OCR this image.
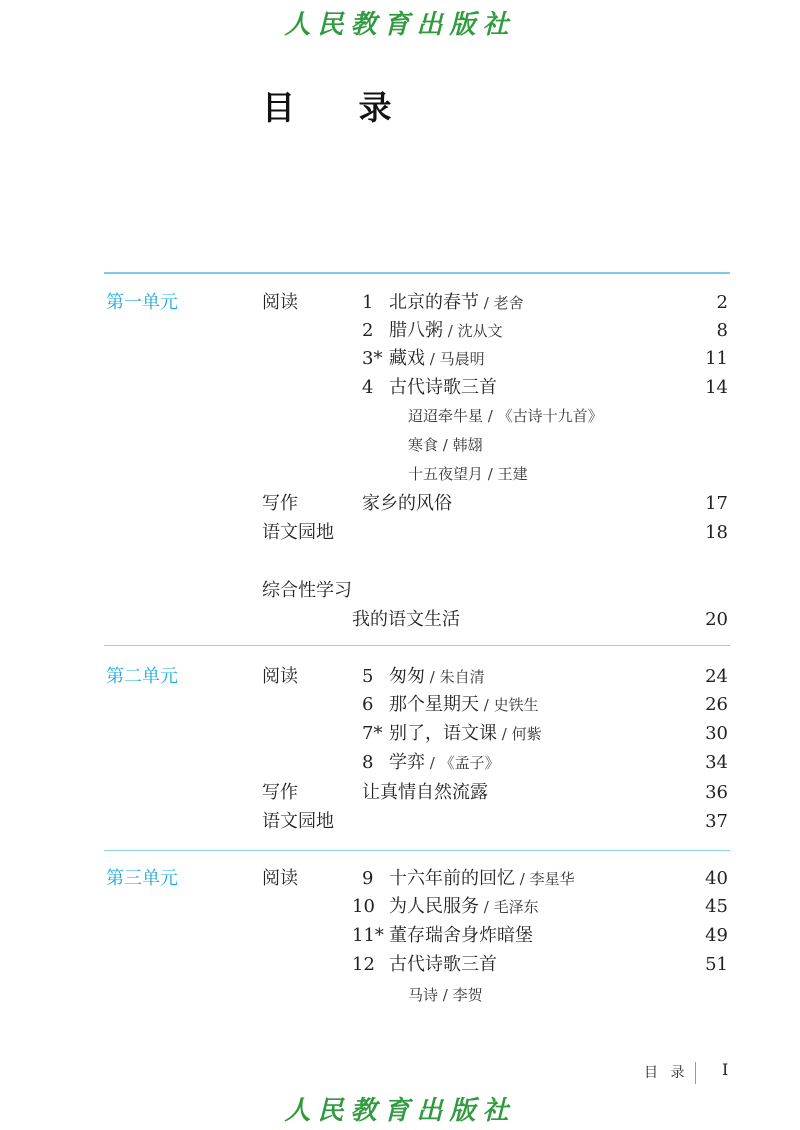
人民教育出版社
目 录
第一单元	阅读	1 北京的春节 / 老舍	2
2 腊八粥 / 沈从文	8
3* 藏戏 / 马晨明	11
4 古代诗歌三首	14
迢迢牵牛星 / 《古诗十九首》
寒食 / 韩翃
十五夜望月 / 王建
写作	家乡的风俗	17
语文园地	18
综合性学习
我的语文生活	20
第二单元	阅读	5 匆匆 / 朱自清	24
6 那个星期天 / 史铁生	26
7* 别了，语文课 / 何紫	30
8 学弈 / 《孟子》	34
写作	让真情自然流露	36
语文园地	37
第三单元	阅读	9 十六年前的回忆 / 李星华	40
10 为人民服务 / 毛泽东	45
11* 董存瑞舍身炸暗堡	49
12 古代诗歌三首	51
马诗 / 李贺
目 录 I
人民教育出版社
